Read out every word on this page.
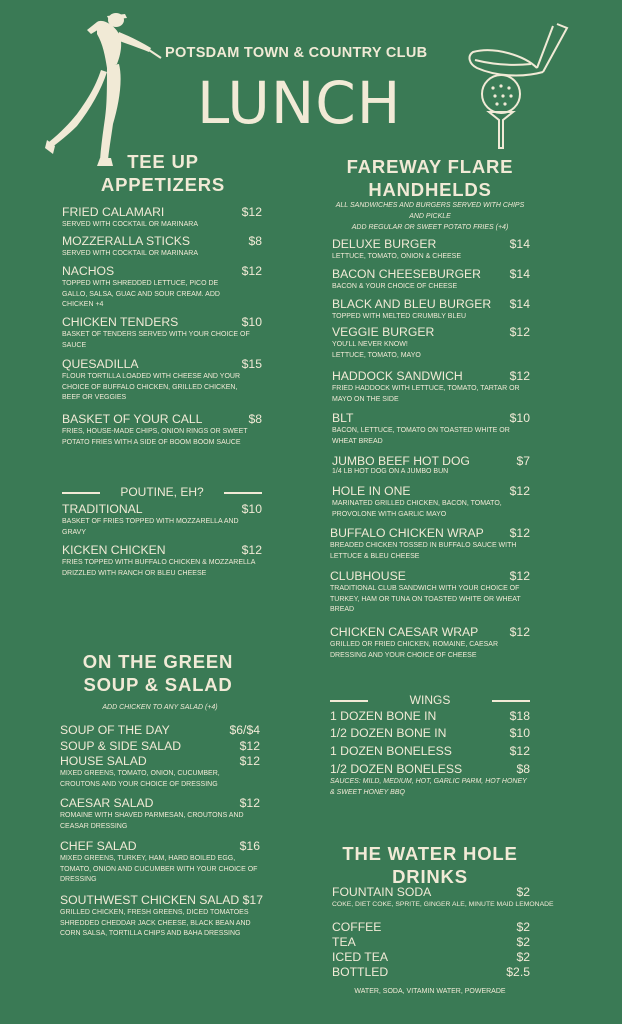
POTSDAM TOWN & COUNTRY CLUB
LUNCH
TEE UP
APPETIZERS
FRIED CALAMARI	$12
SERVED WITH COCKTAIL OR MARINARA
MOZZERALLA STICKS	$8
SERVED WITH COCKTAIL OR MARINARA
NACHOS	$12
TOPPED WITH SHREDDED LETTUCE, PICO DE GALLO, SALSA, GUAC AND SOUR CREAM. ADD CHICKEN +4
CHICKEN TENDERS	$10
BASKET OF TENDERS SERVED WITH YOUR CHOICE OF SAUCE
QUESADILLA	$15
FLOUR TORTILLA LOADED WITH CHEESE AND YOUR CHOICE OF BUFFALO CHICKEN, GRILLED CHICKEN, BEEF OR VEGGIES
BASKET OF YOUR CALL	$8
FRIES, HOUSE-MADE CHIPS, ONION RINGS OR SWEET POTATO FRIES WITH A SIDE OF BOOM BOOM SAUCE
POUTINE, EH?
TRADITIONAL	$10
BASKET OF FRIES TOPPED WITH MOZZARELLA AND GRAVY
KICKEN CHICKEN	$12
FRIES TOPPED WITH BUFFALO CHICKEN & MOZZARELLA DRIZZLED WITH RANCH OR BLEU CHEESE
ON THE GREEN
SOUP & SALAD
ADD CHICKEN TO ANY SALAD (+4)
SOUP OF THE DAY	$6/$4
SOUP & SIDE SALAD	$12
HOUSE SALAD	$12
MIXED GREENS, TOMATO, ONION, CUCUMBER, CROUTONS AND YOUR CHOICE OF DRESSING
CAESAR SALAD	$12
ROMAINE WITH SHAVED PARMESAN, CROUTONS AND CEASAR DRESSING
CHEF SALAD	$16
MIXED GREENS, TURKEY, HAM, HARD BOILED EGG, TOMATO, ONION AND CUCUMBER WITH YOUR CHOICE OF DRESSING
SOUTHWEST CHICKEN SALAD $17
GRILLED CHICKEN, FRESH GREENS, DICED TOMATOES SHREDDED CHEDDAR JACK CHEESE, BLACK BEAN AND CORN SALSA, TORTILLA CHIPS AND BAHA DRESSING
FAREWAY FLARE
HANDHELDS
ALL SANDWICHES AND BURGERS SERVED WITH CHIPS AND PICKLE
ADD REGULAR OR SWEET POTATO FRIES (+4)
DELUXE BURGER	$14
LETTUCE, TOMATO, ONION & CHEESE
BACON CHEESEBURGER	$14
BACON & YOUR CHOICE OF CHEESE
BLACK AND BLEU BURGER	$14
TOPPED WITH MELTED CRUMBLY BLEU
VEGGIE BURGER	$12
YOU'LL NEVER KNOW! LETTUCE, TOMATO, MAYO
HADDOCK SANDWICH	$12
FRIED HADDOCK WITH LETTUCE, TOMATO, TARTAR OR MAYO ON THE SIDE
BLT	$10
BACON, LETTUCE, TOMATO ON TOASTED WHITE OR WHEAT BREAD
JUMBO BEEF HOT DOG	$7
1/4 LB HOT DOG ON A JUMBO BUN
HOLE IN ONE	$12
MARINATED GRILLED CHICKEN, BACON, TOMATO, PROVOLONE WITH GARLIC MAYO
BUFFALO CHICKEN WRAP	$12
BREADED CHICKEN TOSSED IN BUFFALO SAUCE WITH LETTUCE & BLEU CHEESE
CLUBHOUSE	$12
TRADITIONAL CLUB SANDWICH WITH YOUR CHOICE OF TURKEY, HAM OR TUNA ON TOASTED WHITE OR WHEAT BREAD
CHICKEN CAESAR WRAP	$12
GRILLED OR FRIED CHICKEN, ROMAINE, CAESAR DRESSING AND YOUR CHOICE OF CHEESE
WINGS
1 DOZEN BONE IN	$18
1/2 DOZEN BONE IN	$10
1 DOZEN BONELESS	$12
1/2 DOZEN BONELESS	$8
SAUCES: MILD, MEDIUM, HOT, GARLIC PARM, HOT HONEY & SWEET HONEY BBQ
THE WATER HOLE
DRINKS
FOUNTAIN SODA	$2
COKE, DIET COKE, SPRITE, GINGER ALE, MINUTE MAID LEMONADE
COFFEE	$2
TEA	$2
ICED TEA	$2
BOTTLED	$2.5
WATER, SODA, VITAMIN WATER, POWERADE
